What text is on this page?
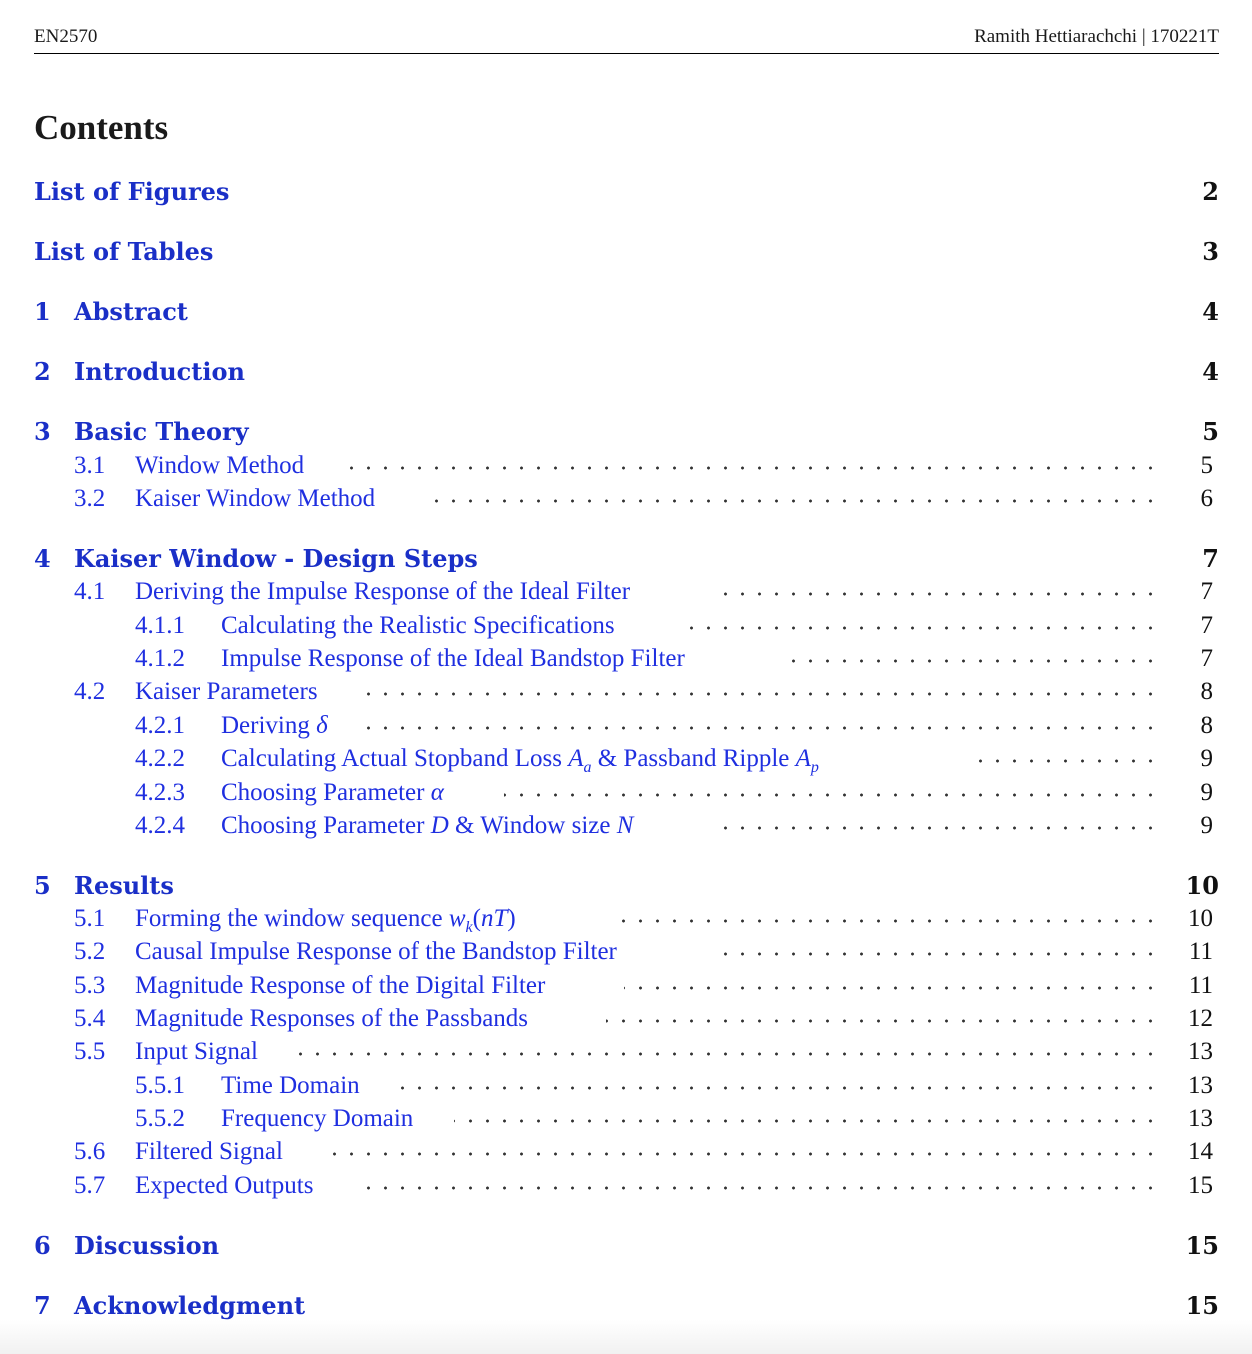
EN2570	Ramith Hettiarachchi | 170221T
Contents
List of Figures	2
List of Tables	3
1 Abstract	4
2 Introduction	4
3 Basic Theory	5
3.1 Window Method	5
3.2 Kaiser Window Method	6
4 Kaiser Window - Design Steps	7
4.1 Deriving the Impulse Response of the Ideal Filter	7
4.1.1 Calculating the Realistic Specifications	7
4.1.2 Impulse Response of the Ideal Bandstop Filter	7
4.2 Kaiser Parameters	8
4.2.1 Deriving δ	8
4.2.2 Calculating Actual Stopband Loss $A_a$ & Passband Ripple $A_p$	9
4.2.3 Choosing Parameter α	9
4.2.4 Choosing Parameter D & Window size N	9
5 Results	10
5.1 Forming the window sequence $w_k(nT)$	10
5.2 Causal Impulse Response of the Bandstop Filter	11
5.3 Magnitude Response of the Digital Filter	11
5.4 Magnitude Responses of the Passbands	12
5.5 Input Signal	13
5.5.1 Time Domain	13
5.5.2 Frequency Domain	13
5.6 Filtered Signal	14
5.7 Expected Outputs	15
6 Discussion	15
7 Acknowledgment	15
